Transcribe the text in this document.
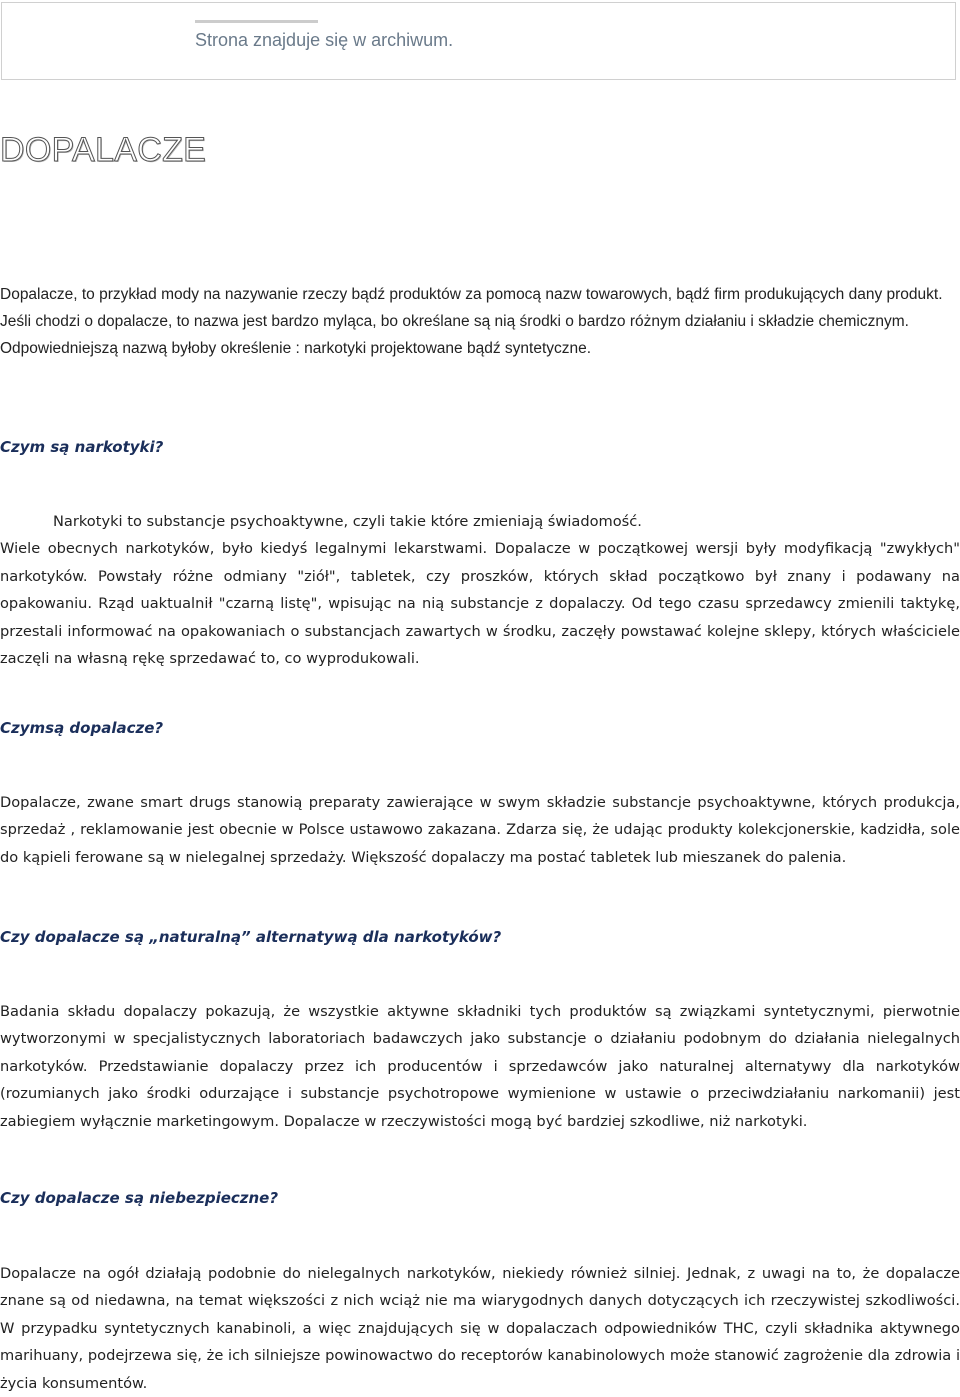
Strona znajduje się w archiwum.
DOPALACZE

Dopalacze, to przykład mody na nazywanie rzeczy bądź produktów za pomocą nazw towarowych, bądź firm produkujących dany produkt. Jeśli chodzi o dopalacze, to nazwa jest bardzo myląca, bo określane są nią środki o bardzo różnym działaniu i składzie chemicznym.

Odpowiedniejszą nazwą byłoby określenie : narkotyki projektowane bądź syntetyczne.

Czym są narkotyki?

Narkotyki to substancje psychoaktywne, czyli takie które zmieniają świadomość.

Wiele obecnych narkotyków, było kiedyś legalnymi lekarstwami. Dopalacze w początkowej wersji były modyfikacją "zwykłych" narkotyków. Powstały różne odmiany "ziół", tabletek, czy proszków, których skład początkowo był znany i podawany na opakowaniu. Rząd uaktualnił "czarną listę", wpisując na nią substancje z dopalaczy. Od tego czasu sprzedawcy zmienili taktykę, przestali informować na opakowaniach o substancjach zawartych w środku, zaczęły powstawać kolejne sklepy, których właściciele zaczęli na własną rękę sprzedawać to, co wyprodukowali.

Czymsą dopalacze?

Dopalacze, zwane smart drugs stanowią preparaty zawierające w swym składzie substancje psychoaktywne, których produkcja, sprzedaż , reklamowanie jest obecnie w Polsce ustawowo zakazana. Zdarza się, że udając produkty kolekcjonerskie, kadzidła, sole do kąpieli ferowane są w nielegalnej sprzedaży. Większość dopalaczy ma postać tabletek lub mieszanek do palenia.

Czy dopalacze są „naturalną” alternatywą dla narkotyków?

Badania składu dopalaczy pokazują, że wszystkie aktywne składniki tych produktów są związkami syntetycznymi, pierwotnie wytworzonymi w specjalistycznych laboratoriach badawczych jako substancje o działaniu podobnym do działania nielegalnych narkotyków. Przedstawianie dopalaczy przez ich producentów i sprzedawców jako naturalnej alternatywy dla narkotyków (rozumianych jako środki odurzające i substancje psychotropowe wymienione w ustawie o przeciwdziałaniu narkomanii) jest zabiegiem wyłącznie marketingowym. Dopalacze w rzeczywistości mogą być bardziej szkodliwe, niż narkotyki.

Czy dopalacze są niebezpieczne?

Dopalacze na ogół działają podobnie do nielegalnych narkotyków, niekiedy również silniej. Jednak, z uwagi na to, że dopalacze znane są od niedawna, na temat większości z nich wciąż nie ma wiarygodnych danych dotyczących ich rzeczywistej szkodliwości. W przypadku syntetycznych kanabinoli, a więc znajdujących się w dopalaczach odpowiedników THC, czyli składnika aktywnego marihuany, podejrzewa się, że ich silniejsze powinowactwo do receptorów kanabinolowych może stanowić zagrożenie dla zdrowia i życia konsumentów.
